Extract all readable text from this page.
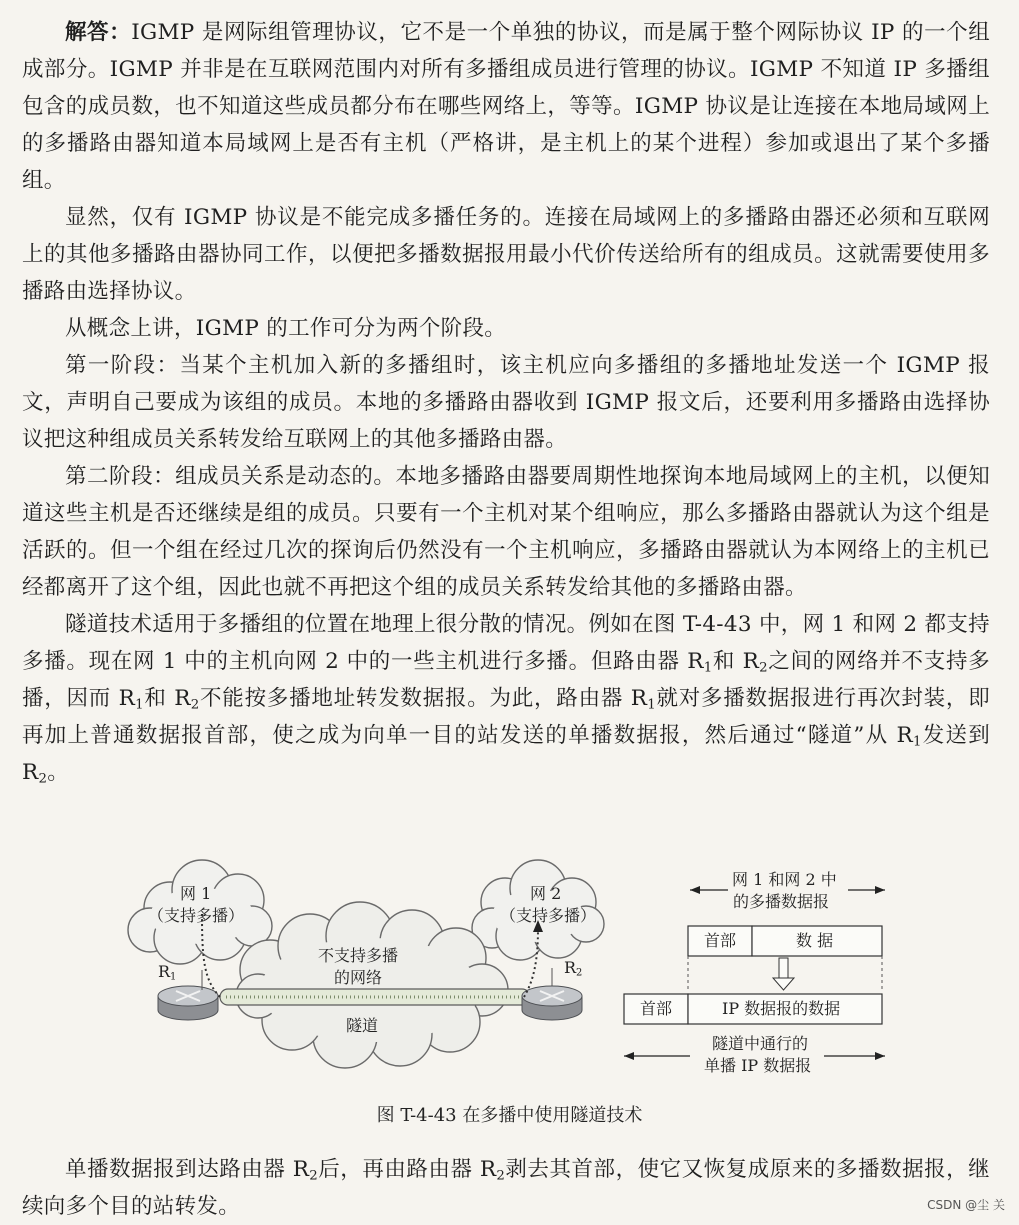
解答：IGMP 是网际组管理协议，它不是一个单独的协议，而是属于整个网际协议 IP 的一个组成部分。IGMP 并非是在互联网范围内对所有多播组成员进行管理的协议。IGMP 不知道 IP 多播组包含的成员数，也不知道这些成员都分布在哪些网络上，等等。IGMP 协议是让连接在本地局域网上的多播路由器知道本局域网上是否有主机（严格讲，是主机上的某个进程）参加或退出了某个多播组。

显然，仅有 IGMP 协议是不能完成多播任务的。连接在局域网上的多播路由器还必须和互联网上的其他多播路由器协同工作，以便把多播数据报用最小代价传送给所有的组成员。这就需要使用多播路由选择协议。

从概念上讲，IGMP 的工作可分为两个阶段。

第一阶段：当某个主机加入新的多播组时，该主机应向多播组的多播地址发送一个 IGMP 报文，声明自己要成为该组的成员。本地的多播路由器收到 IGMP 报文后，还要利用多播路由选择协议把这种组成员关系转发给互联网上的其他多播路由器。

第二阶段：组成员关系是动态的。本地多播路由器要周期性地探询本地局域网上的主机，以便知道这些主机是否还继续是组的成员。只要有一个主机对某个组响应，那么多播路由器就认为这个组是活跃的。但一个组在经过几次的探询后仍然没有一个主机响应，多播路由器就认为本网络上的主机已经都离开了这个组，因此也就不再把这个组的成员关系转发给其他的多播路由器。

隧道技术适用于多播组的位置在地理上很分散的情况。例如在图 T-4-43 中，网 1 和网 2 都支持多播。现在网 1 中的主机向网 2 中的一些主机进行多播。但路由器 $R_1$和 $R_2$之间的网络并不支持多播，因而 $R_1$和 $R_2$不能按多播地址转发数据报。为此，路由器 $R_1$就对多播数据报进行再次封装，即再加上普通数据报首部，使之成为向单一目的站发送的单播数据报，然后通过“隧道”从 $R_1$发送到 $R_2$。

网 1
（支持多播）
网 2
（支持多播）
不支持多播
的网络
隧道
$R_1$	$R_2$
网 1 和网 2 中
的多播数据报
首部	数 据
首部	IP 数据报的数据
隧道中通行的
单播 IP 数据报
图 T-4-43 在多播中使用隧道技术

单播数据报到达路由器 $R_2$后，再由路由器 $R_2$剥去其首部，使它又恢复成原来的多播数据报，继续向多个目的站转发。	CSDN @尘 关
